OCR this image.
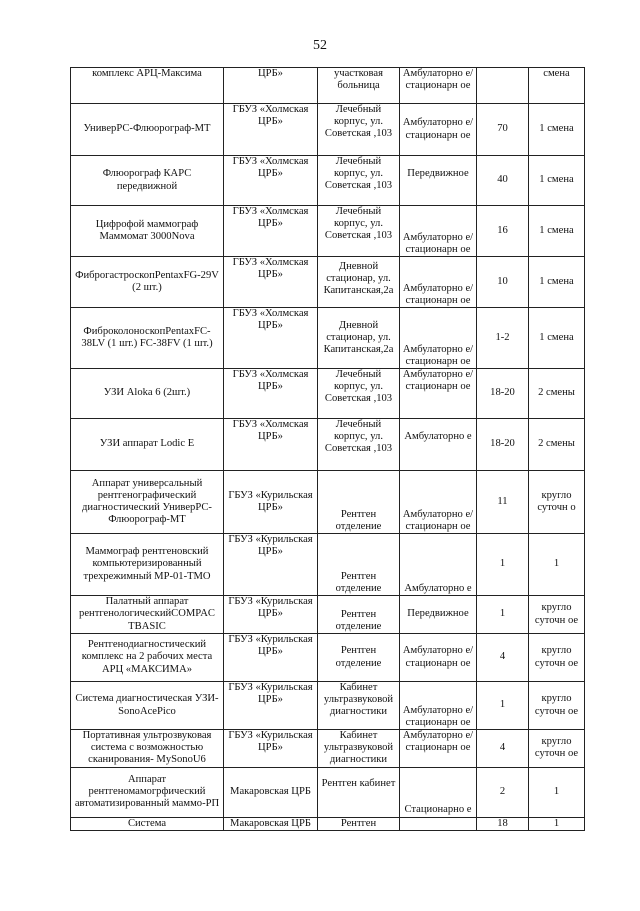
52
комплекс АРЦ-Максима	ЦРБ»	участковая больница	Амбулаторно е/стационарн ое		смена
УниверРС-Флюорограф-МТ	ГБУЗ «Холмская ЦРБ»	Лечебный корпус, ул. Советская ,103	Амбулаторно е/стационарн ое	70	1 смена
Флюорограф КАРС передвижной	ГБУЗ «Холмская ЦРБ»	Лечебный корпус, ул. Советская ,103	Передвижное	40	1 смена
Цифрофой маммограф Маммомат 3000Nova	ГБУЗ «Холмская ЦРБ»	Лечебный корпус, ул. Советская ,103	Амбулаторно е/стационарн ое	16	1 смена
ФиброгастроскопPentaxFG-29V (2 шт.)	ГБУЗ «Холмская ЦРБ»	Дневной стационар, ул. Капитанская,2а	Амбулаторно е/стационарн ое	10	1 смена
ФиброколоноскопPentaxFC-38LV (1 шт.) FC-38FV (1 шт.)	ГБУЗ «Холмская ЦРБ»	Дневной стационар, ул. Капитанская,2а	Амбулаторно е/стационарн ое	1-2	1 смена
УЗИ Aloka 6 (2шт.)	ГБУЗ «Холмская ЦРБ»	Лечебный корпус, ул. Советская ,103	Амбулаторно е/стационарн ое	18-20	2 смены
УЗИ аппарат Lodic E	ГБУЗ «Холмская ЦРБ»	Лечебный корпус, ул. Советская ,103	Амбулаторно е	18-20	2 смены
Аппарат универсальный рентгенографический диагностический УниверРС-Флюорограф-МТ	ГБУЗ «Курильская ЦРБ»	Рентген отделение	Амбулаторно е/стационарн ое	11	кругло суточн о
Маммограф рентгеновский компьютеризированный трехрежимный МР-01-ТМО	ГБУЗ «Курильская ЦРБ»	Рентген отделение	Амбулаторно е	1	1
Палатный аппарат рентгенологическийCOMPAC TBASIC	ГБУЗ «Курильская ЦРБ»	Рентген отделение	Передвижное	1	кругло суточн ое
Рентгенодиагностический комплекс на 2 рабочих места АРЦ «МАКСИМА»	ГБУЗ «Курильская ЦРБ»	Рентген отделение	Амбулаторно е/стационарн ое	4	кругло суточн ое
Система диагностическая УЗИ-SonoAcePico	ГБУЗ «Курильская ЦРБ»	Кабинет ультразвуковой диагностики	Амбулаторно е/стационарн ое	1	кругло суточн ое
Портативная ультрозвуковая система с возможностью сканирования- MySonoU6	ГБУЗ «Курильская ЦРБ»	Кабинет ультразвуковой диагностики	Амбулаторно е/стационарн ое	4	кругло суточн ое
Аппарат рентгеномамогрфический автоматизированный маммо-РП	Макаровская ЦРБ	Рентген кабинет	Стационарно е	2	1
Система	Макаровская ЦРБ	Рентген		18	1
